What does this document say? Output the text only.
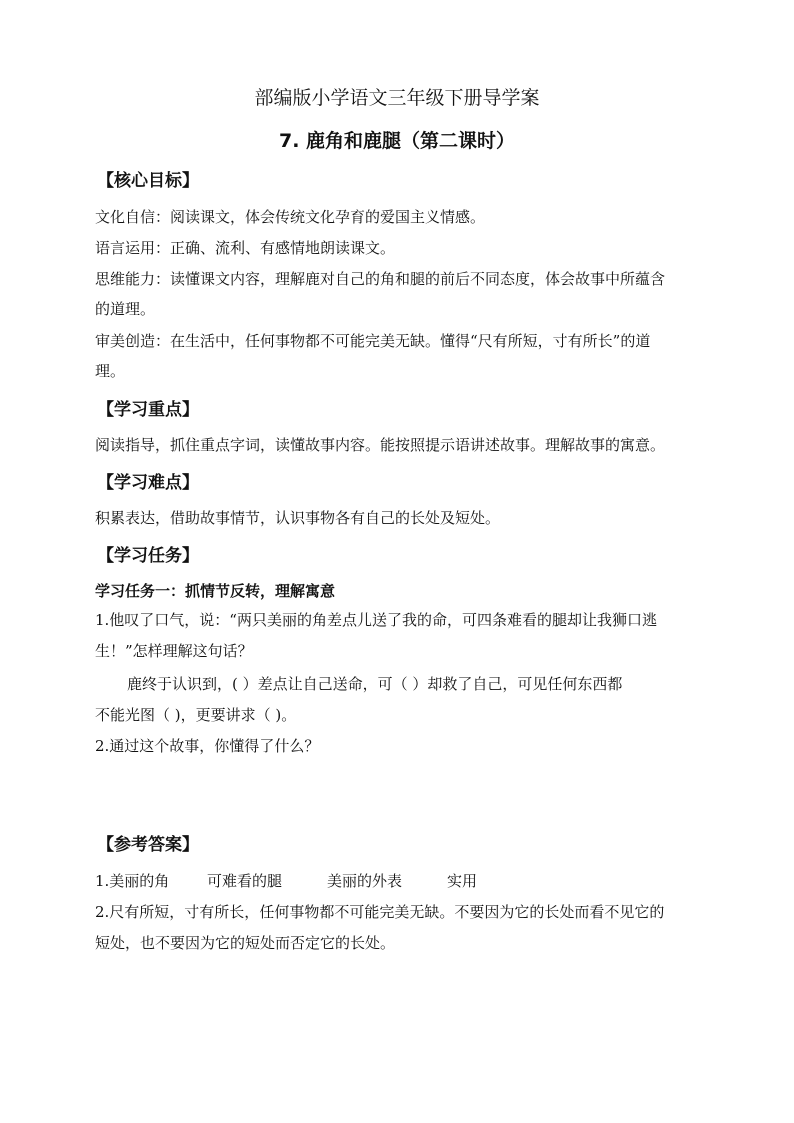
部编版小学语文三年级下册导学案
7. 鹿角和鹿腿（第二课时）
【核心目标】
文化自信：阅读课文，体会传统文化孕育的爱国主义情感。
语言运用：正确、流利、有感情地朗读课文。
思维能力：读懂课文内容，理解鹿对自己的角和腿的前后不同态度，体会故事中所蕴含
的道理。
审美创造：在生活中，任何事物都不可能完美无缺。懂得“尺有所短，寸有所长”的道
理。
【学习重点】
阅读指导，抓住重点字词，读懂故事内容。能按照提示语讲述故事。理解故事的寓意。
【学习难点】
积累表达，借助故事情节，认识事物各有自己的长处及短处。
【学习任务】
学习任务一：抓情节反转，理解寓意
1.他叹了口气，说：“两只美丽的角差点儿送了我的命，可四条难看的腿却让我狮口逃
生！”怎样理解这句话？
鹿终于认识到，( ）差点让自己送命，可（ ）却救了自己，可见任何东西都
不能光图（ )，更要讲求（ )。
2.通过这个故事，你懂得了什么？
【参考答案】
1.美丽的角	可难看的腿	美丽的外表	实用
2.尺有所短，寸有所长，任何事物都不可能完美无缺。不要因为它的长处而看不见它的
短处，也不要因为它的短处而否定它的长处。
